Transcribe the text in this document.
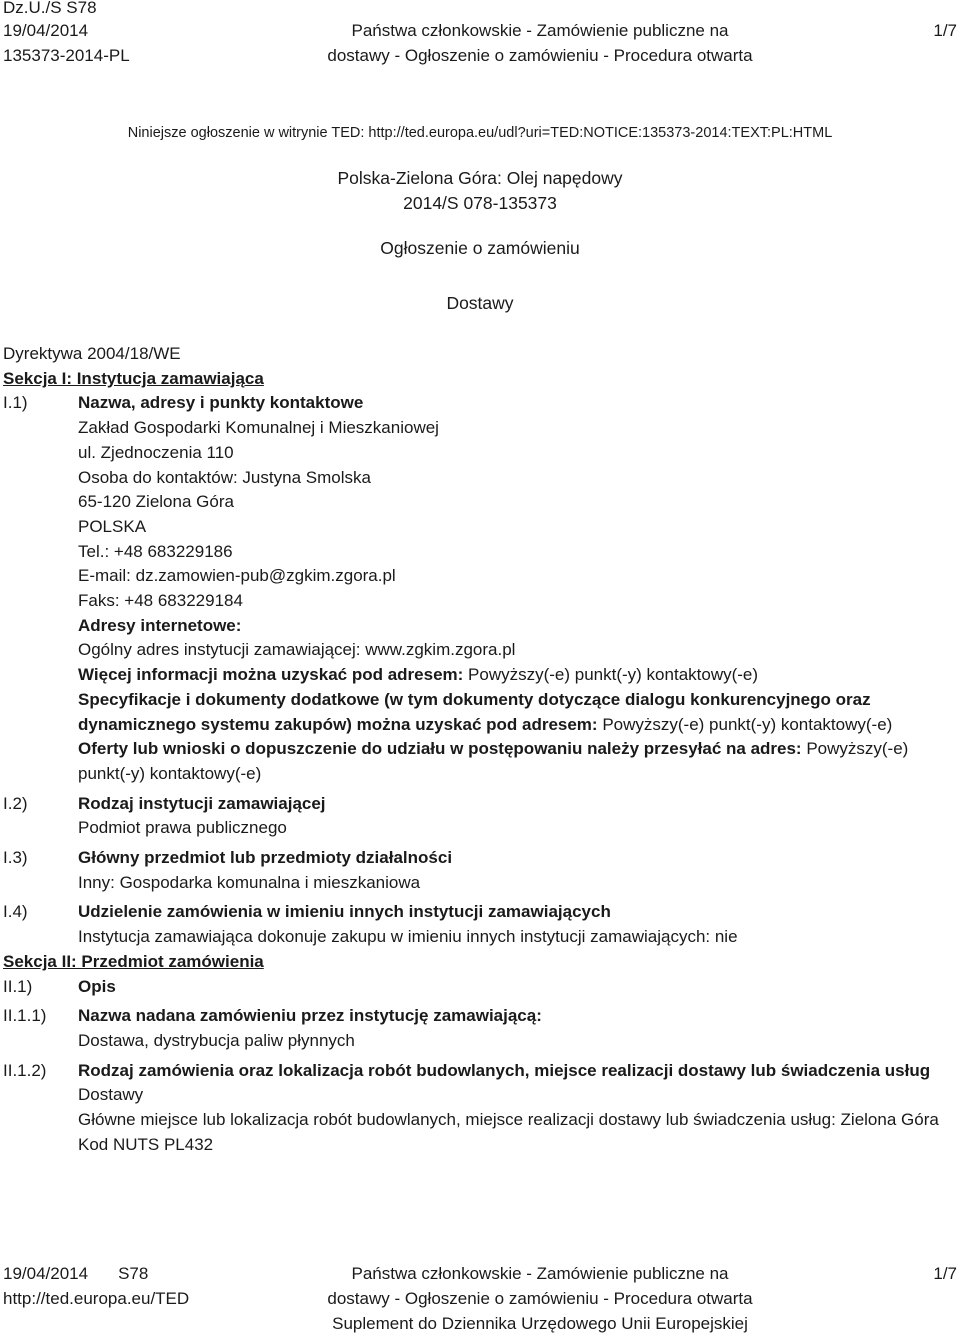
Dz.U./S S78
19/04/2014
135373-2014-PL
Państwa członkowskie - Zamówienie publiczne na
dostawy - Ogłoszenie o zamówieniu - Procedura otwarta
1/7
Niniejsze ogłoszenie w witrynie TED: http://ted.europa.eu/udl?uri=TED:NOTICE:135373-2014:TEXT:PL:HTML
Polska-Zielona Góra: Olej napędowy
2014/S 078-135373
Ogłoszenie o zamówieniu
Dostawy

Dyrektywa 2004/18/WE

Sekcja I: Instytucja zamawiająca

I.1)	Nazwa, adresy i punkty kontaktowe

Zakład Gospodarki Komunalnej i Mieszkaniowej

ul. Zjednoczenia 110

Osoba do kontaktów: Justyna Smolska

65-120 Zielona Góra

POLSKA

Tel.: +48 683229186

E-mail: dz.zamowien-pub@zgkim.zgora.pl

Faks: +48 683229184

Adresy internetowe:

Ogólny adres instytucji zamawiającej: www.zgkim.zgora.pl

Więcej informacji można uzyskać pod adresem: Powyższy(-e) punkt(-y) kontaktowy(-e)

Specyfikacje i dokumenty dodatkowe (w tym dokumenty dotyczące dialogu konkurencyjnego oraz dynamicznego systemu zakupów) można uzyskać pod adresem: Powyższy(-e) punkt(-y) kontaktowy(-e)

Oferty lub wnioski o dopuszczenie do udziału w postępowaniu należy przesyłać na adres: Powyższy(-e) punkt(-y) kontaktowy(-e)

I.2)	Rodzaj instytucji zamawiającej

Podmiot prawa publicznego

I.3)	Główny przedmiot lub przedmioty działalności

Inny: Gospodarka komunalna i mieszkaniowa

I.4)	Udzielenie zamówienia w imieniu innych instytucji zamawiających

Instytucja zamawiająca dokonuje zakupu w imieniu innych instytucji zamawiających: nie

Sekcja II: Przedmiot zamówienia

II.1)	Opis

II.1.1)	Nazwa nadana zamówieniu przez instytucję zamawiającą:

Dostawa, dystrybucja paliw płynnych

II.1.2)	Rodzaj zamówienia oraz lokalizacja robót budowlanych, miejsce realizacji dostawy lub świadczenia usług

Dostawy

Główne miejsce lub lokalizacja robót budowlanych, miejsce realizacji dostawy lub świadczenia usług: Zielona Góra

Kod NUTS PL432

19/04/2014 S78
http://ted.europa.eu/TED
Państwa członkowskie - Zamówienie publiczne na
dostawy - Ogłoszenie o zamówieniu - Procedura otwarta
Suplement do Dziennika Urzędowego Unii Europejskiej
1/7
